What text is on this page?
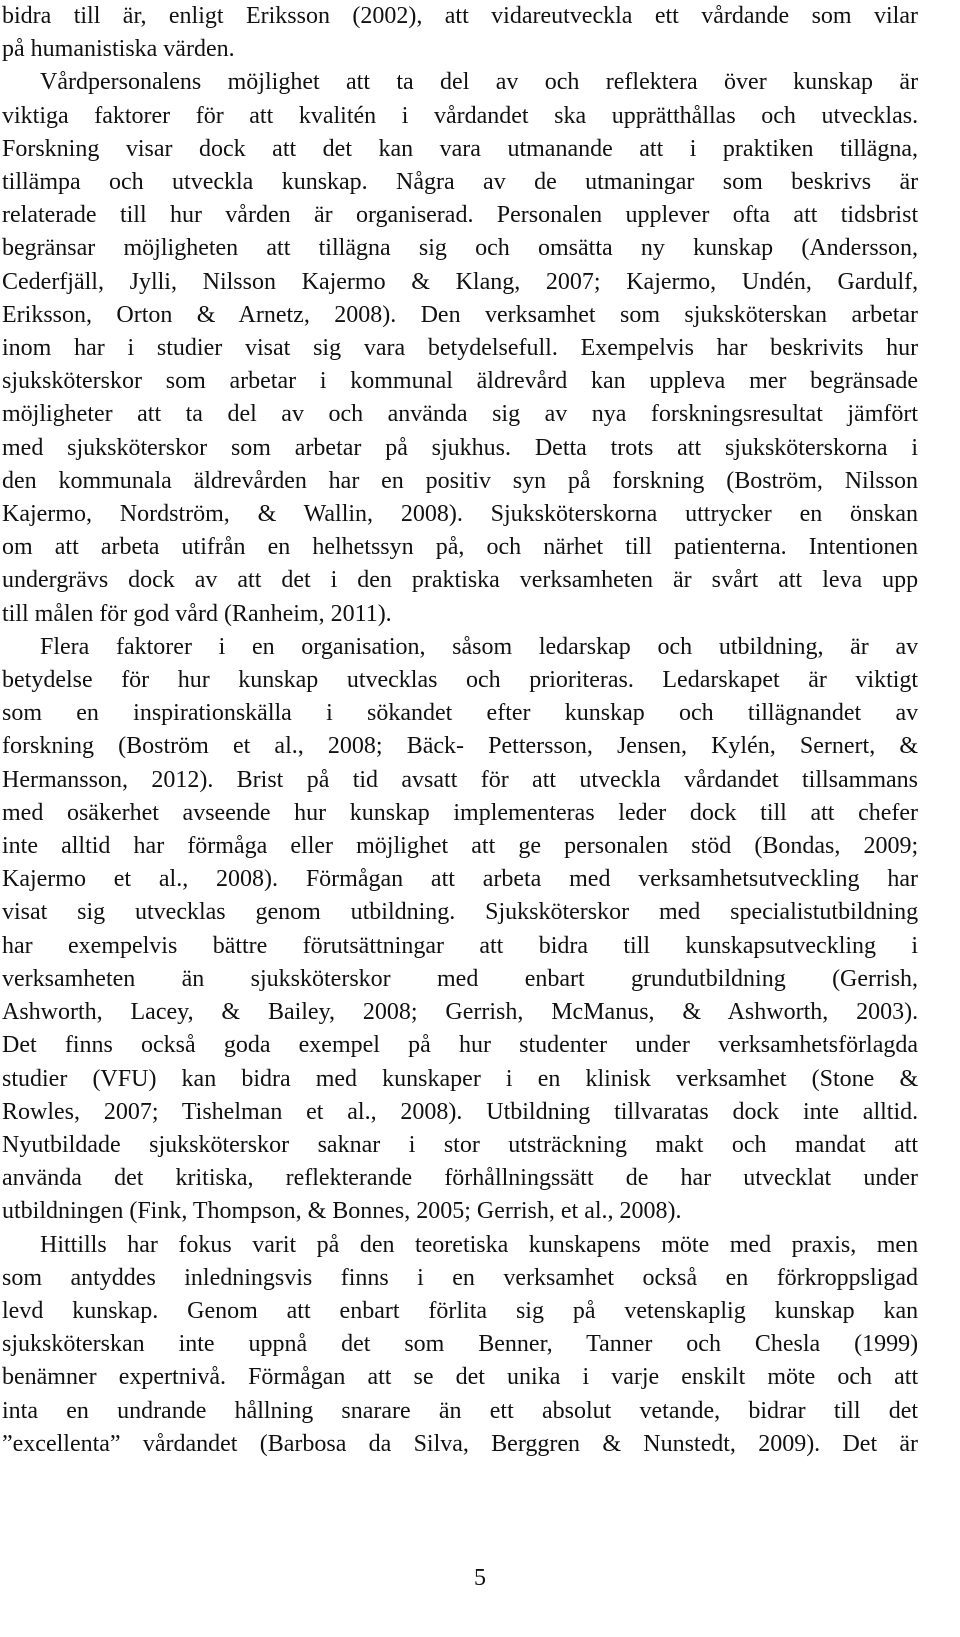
bidra till är, enligt Eriksson (2002), att vidareutveckla ett vårdande som vilar
på humanistiska värden.
Vårdpersonalens möjlighet att ta del av och reflektera över kunskap är
viktiga faktorer för att kvalitén i vårdandet ska upprätthållas och utvecklas.
Forskning visar dock att det kan vara utmanande att i praktiken tillägna,
tillämpa och utveckla kunskap. Några av de utmaningar som beskrivs är
relaterade till hur vården är organiserad. Personalen upplever ofta att tidsbrist
begränsar möjligheten att tillägna sig och omsätta ny kunskap (Andersson,
Cederfjäll, Jylli, Nilsson Kajermo & Klang, 2007; Kajermo, Undén, Gardulf,
Eriksson, Orton & Arnetz, 2008). Den verksamhet som sjuksköterskan arbetar
inom har i studier visat sig vara betydelsefull. Exempelvis har beskrivits hur
sjuksköterskor som arbetar i kommunal äldrevård kan uppleva mer begränsade
möjligheter att ta del av och använda sig av nya forskningsresultat jämfört
med sjuksköterskor som arbetar på sjukhus. Detta trots att sjuksköterskorna i
den kommunala äldrevården har en positiv syn på forskning (Boström, Nilsson
Kajermo, Nordström, & Wallin, 2008). Sjuksköterskorna uttrycker en önskan
om att arbeta utifrån en helhetssyn på, och närhet till patienterna. Intentionen
undergrävs dock av att det i den praktiska verksamheten är svårt att leva upp
till målen för god vård (Ranheim, 2011).
Flera faktorer i en organisation, såsom ledarskap och utbildning, är av
betydelse för hur kunskap utvecklas och prioriteras. Ledarskapet är viktigt
som en inspirationskälla i sökandet efter kunskap och tillägnandet av
forskning (Boström et al., 2008; Bäck- Pettersson, Jensen, Kylén, Sernert, &
Hermansson, 2012). Brist på tid avsatt för att utveckla vårdandet tillsammans
med osäkerhet avseende hur kunskap implementeras leder dock till att chefer
inte alltid har förmåga eller möjlighet att ge personalen stöd (Bondas, 2009;
Kajermo et al., 2008). Förmågan att arbeta med verksamhetsutveckling har
visat sig utvecklas genom utbildning. Sjuksköterskor med specialistutbildning
har exempelvis bättre förutsättningar att bidra till kunskapsutveckling i
verksamheten än sjuksköterskor med enbart grundutbildning (Gerrish,
Ashworth, Lacey, & Bailey, 2008; Gerrish, McManus, & Ashworth, 2003).
Det finns också goda exempel på hur studenter under verksamhetsförlagda
studier (VFU) kan bidra med kunskaper i en klinisk verksamhet (Stone &
Rowles, 2007; Tishelman et al., 2008). Utbildning tillvaratas dock inte alltid.
Nyutbildade sjuksköterskor saknar i stor utsträckning makt och mandat att
använda det kritiska, reflekterande förhållningssätt de har utvecklat under
utbildningen (Fink, Thompson, & Bonnes, 2005; Gerrish, et al., 2008).
Hittills har fokus varit på den teoretiska kunskapens möte med praxis, men
som antyddes inledningsvis finns i en verksamhet också en förkroppsligad
levd kunskap. Genom att enbart förlita sig på vetenskaplig kunskap kan
sjuksköterskan inte uppnå det som Benner, Tanner och Chesla (1999)
benämner expertnivå. Förmågan att se det unika i varje enskilt möte och att
inta en undrande hållning snarare än ett absolut vetande, bidrar till det
”excellenta” vårdandet (Barbosa da Silva, Berggren & Nunstedt, 2009). Det är
5
